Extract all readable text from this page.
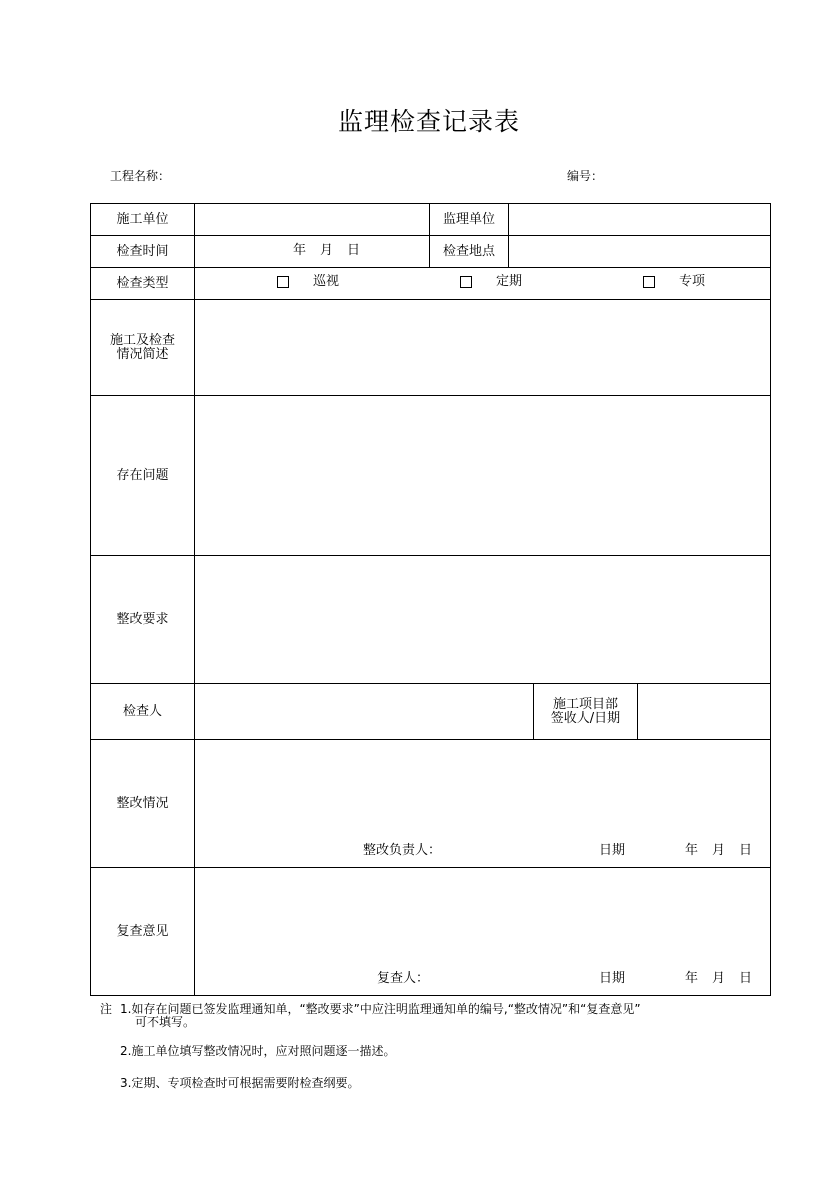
监理检查记录表
工程名称：	编号：
施工单位		监理单位			
检查时间	年 月 日	检查地点			
检查类型	巡视 定期 专项				

施工及检查
情况简述					
存在问题					
整改要求					
检查人				施工项目部
签收人/日期	
整改情况	整改负责人： 日期 年 月 日				

复查意见	复查人： 日期 年 月 日				
注 1.如存在问题已签发监理通知单，“整改要求”中应注明监理通知单的编号,“整改情况”和“复查意见”
可不填写。
2.施工单位填写整改情况时，应对照问题逐一描述。
3.定期、专项检查时可根据需要附检查纲要。
